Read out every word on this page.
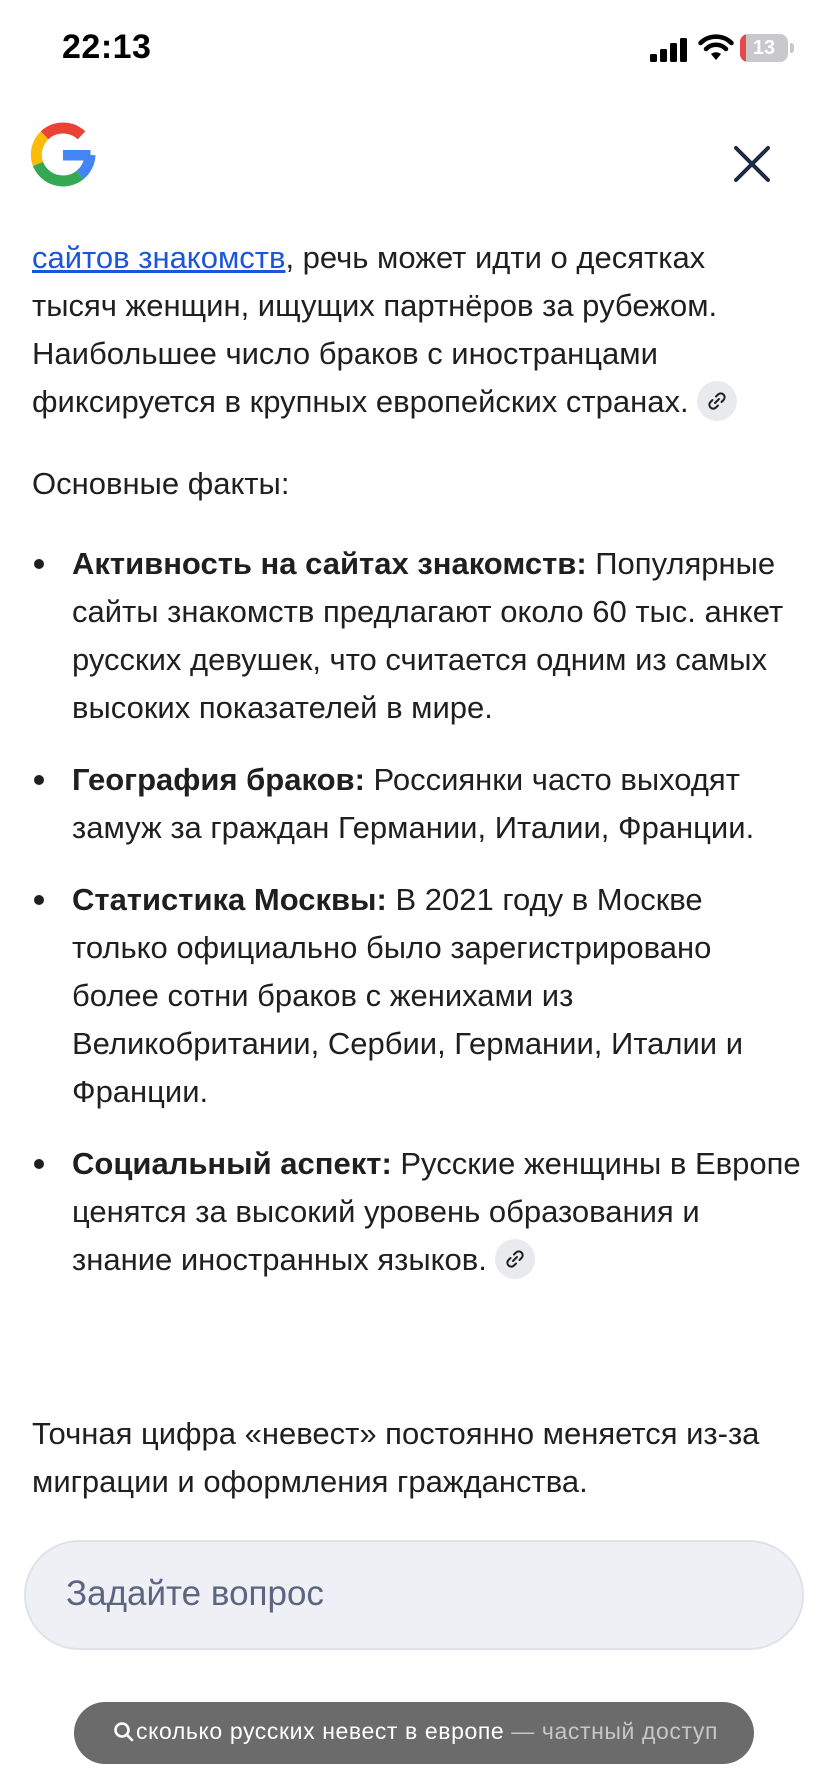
22:13	13
сайтов знакомств, речь может идти о десятках тысяч женщин, ищущих партнёров за рубежом. Наибольшее число браков с иностранцами фиксируется в крупных европейских странах.
Основные факты:
Активность на сайтах знакомств: Популярные сайты знакомств предлагают около 60 тыс. анкет русских девушек, что считается одним из самых высоких показателей в мире.
География браков: Россиянки часто выходят замуж за граждан Германии, Италии, Франции.
Статистика Москвы: В 2021 году в Москве только официально было зарегистрировано более сотни браков с женихами из Великобритании, Сербии, Германии, Италии и Франции.
Социальный аспект: Русские женщины в Европе ценятся за высокий уровень образования и знание иностранных языков.
Точная цифра «невест» постоянно меняется из-за миграции и оформления гражданства.
Задайте вопрос
сколько русских невест в европе — частный доступ
